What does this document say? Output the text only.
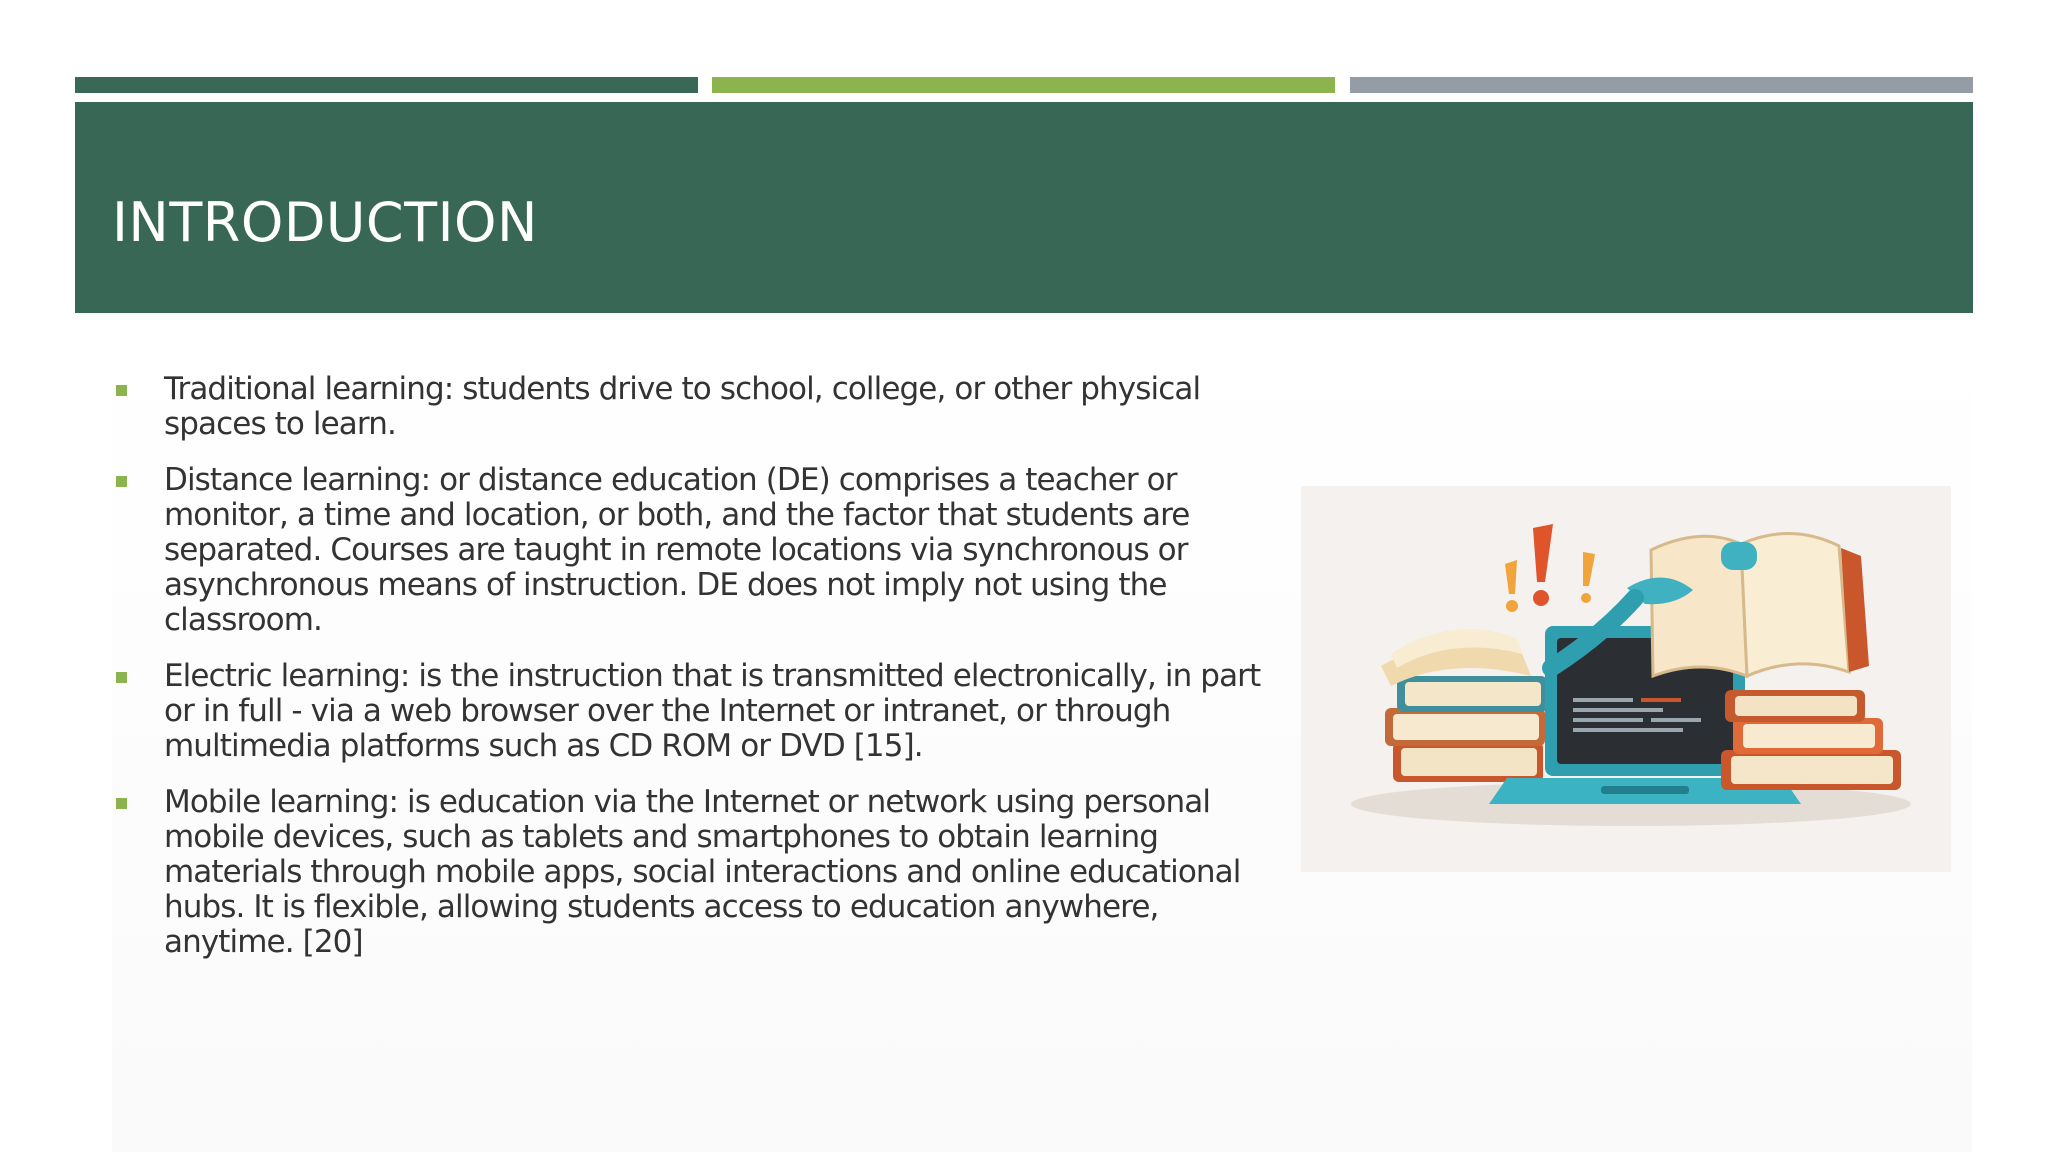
INTRODUCTION
Traditional learning: students drive to school, college, or other physical spaces to learn.
Distance learning: or distance education (DE) comprises a teacher or monitor, a time and location, or both, and the factor that students are separated. Courses are taught in remote locations via synchronous or asynchronous means of instruction. DE does not imply not using the classroom.
Electric learning: is the instruction that is transmitted electronically, in part or in full - via a web browser over the Internet or intranet, or through multimedia platforms such as CD ROM or DVD [15].
Mobile learning: is education via the Internet or network using personal mobile devices, such as tablets and smartphones to obtain learning materials through mobile apps, social interactions and online educational hubs. It is flexible, allowing students access to education anywhere, anytime. [20]
